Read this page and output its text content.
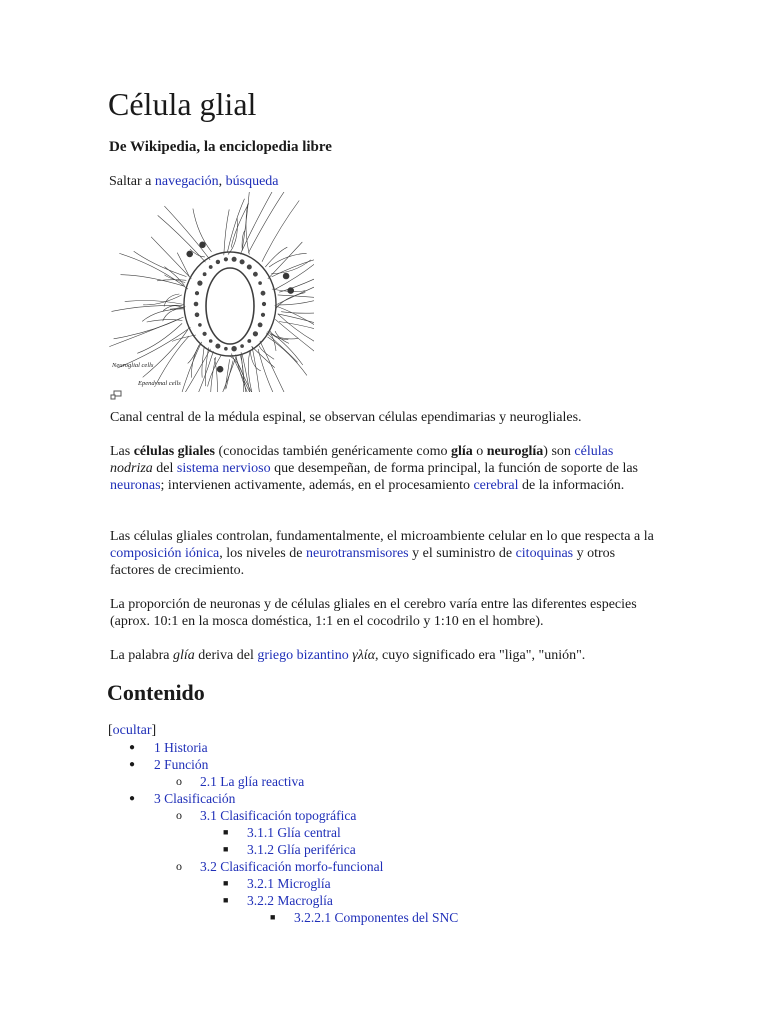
Célula glial
De Wikipedia, la enciclopedia libre
Saltar a navegación, búsqueda
Neuroglial cells
Ependymal cells
Canal central de la médula espinal, se observan células ependimarias y neurogliales.
Las células gliales (conocidas también genéricamente como glía o neuroglía) son células nodriza del sistema nervioso que desempeñan, de forma principal, la función de soporte de las neuronas; intervienen activamente, además, en el procesamiento cerebral de la información.
Las células gliales controlan, fundamentalmente, el microambiente celular en lo que respecta a la composición iónica, los niveles de neurotransmisores y el suministro de citoquinas y otros factores de crecimiento.
La proporción de neuronas y de células gliales en el cerebro varía entre las diferentes especies (aprox. 10:1 en la mosca doméstica, 1:1 en el cocodrilo y 1:10 en el hombre).
La palabra glía deriva del griego bizantino γλία, cuyo significado era "liga", "unión".
Contenido
[ocultar]
● 1 Historia
● 2 Función
o 2.1 La glía reactiva
● 3 Clasificación
o 3.1 Clasificación topográfica
■ 3.1.1 Glía central
■ 3.1.2 Glía periférica
o 3.2 Clasificación morfo-funcional
■ 3.2.1 Microglía
■ 3.2.2 Macroglía
■ 3.2.2.1 Componentes del SNC
